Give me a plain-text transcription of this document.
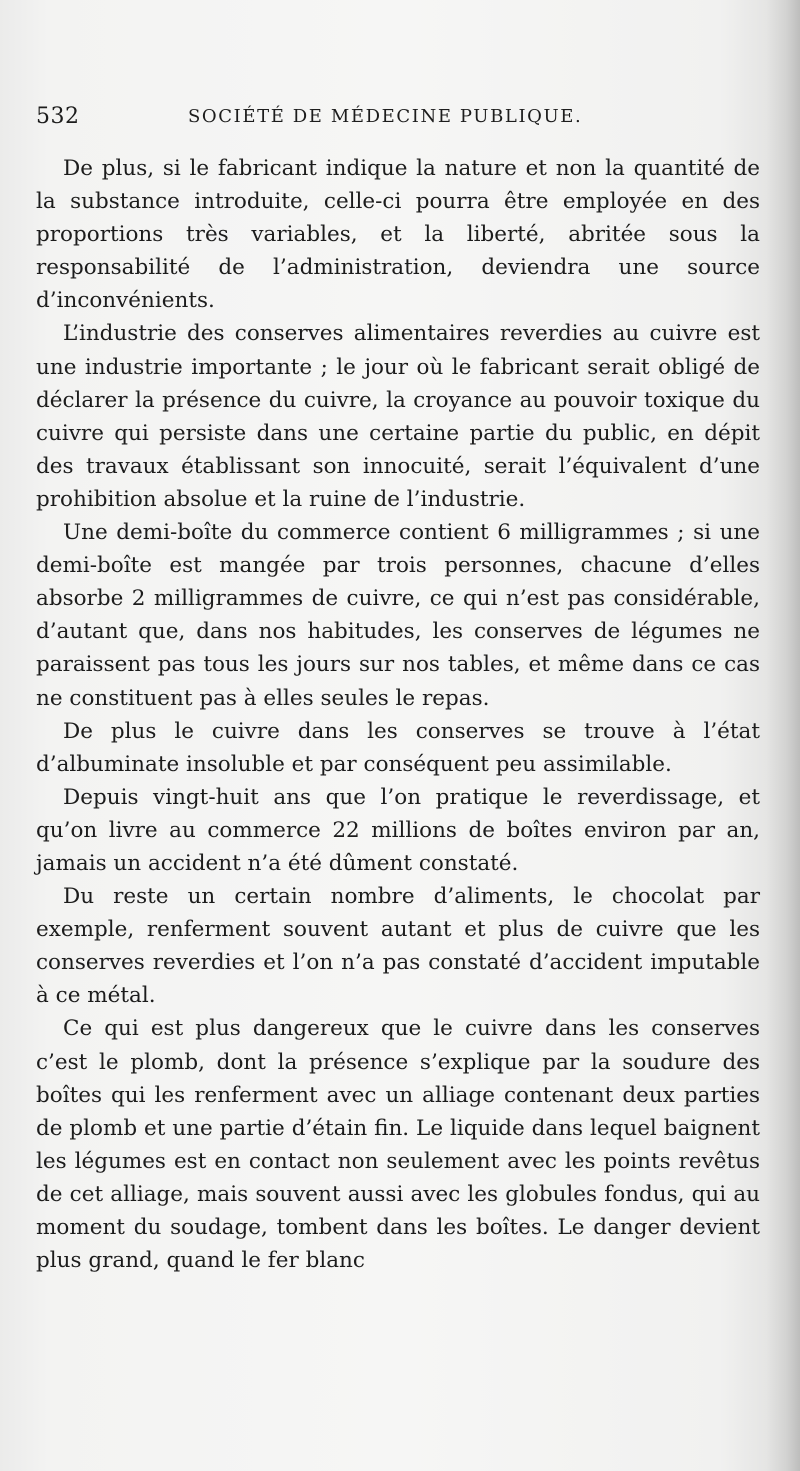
532	SOCIÉTÉ DE MÉDECINE PUBLIQUE.

De plus, si le fabricant indique la nature et non la quantité de la substance introduite, celle-ci pourra être employée en des proportions très variables, et la liberté, abritée sous la responsabilité de l’administration, deviendra une source d’inconvénients.

L’industrie des conserves alimentaires reverdies au cuivre est une industrie importante ; le jour où le fabricant serait obligé de déclarer la présence du cuivre, la croyance au pouvoir toxique du cuivre qui persiste dans une certaine partie du public, en dépit des travaux établissant son innocuité, serait l’équivalent d’une prohibition absolue et la ruine de l’industrie.

Une demi-boîte du commerce contient 6 milligrammes ; si une demi-boîte est mangée par trois personnes, chacune d’elles absorbe 2 milligrammes de cuivre, ce qui n’est pas considérable, d’autant que, dans nos habitudes, les conserves de légumes ne paraissent pas tous les jours sur nos tables, et même dans ce cas ne constituent pas à elles seules le repas.

De plus le cuivre dans les conserves se trouve à l’état d’albuminate insoluble et par conséquent peu assimilable.

Depuis vingt-huit ans que l’on pratique le reverdissage, et qu’on livre au commerce 22 millions de boîtes environ par an, jamais un accident n’a été dûment constaté.

Du reste un certain nombre d’aliments, le chocolat par exemple, renferment souvent autant et plus de cuivre que les conserves reverdies et l’on n’a pas constaté d’accident imputable à ce métal.

Ce qui est plus dangereux que le cuivre dans les conserves c’est le plomb, dont la présence s’explique par la soudure des boîtes qui les renferment avec un alliage contenant deux parties de plomb et une partie d’étain fin. Le liquide dans lequel baignent les légumes est en contact non seulement avec les points revêtus de cet alliage, mais souvent aussi avec les globules fondus, qui au moment du soudage, tombent dans les boîtes. Le danger devient plus grand, quand le fer blanc
